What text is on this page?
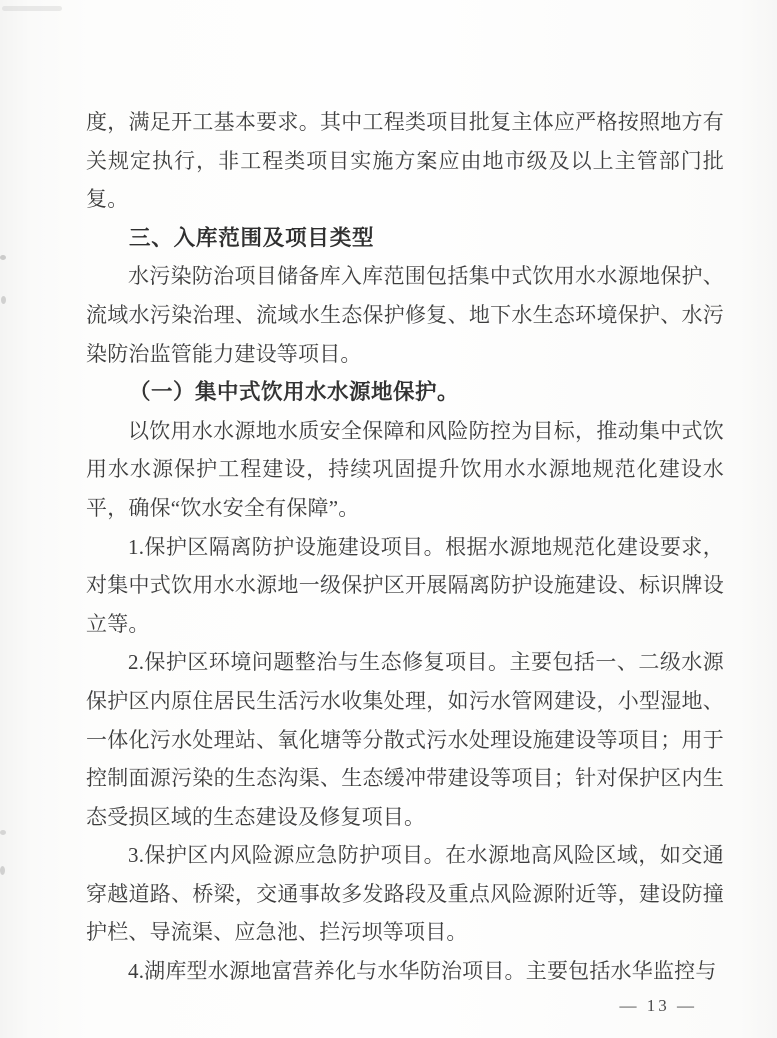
度，满足开工基本要求。其中工程类项目批复主体应严格按照地方有关规定执行，非工程类项目实施方案应由地市级及以上主管部门批复。

三、入库范围及项目类型

水污染防治项目储备库入库范围包括集中式饮用水水源地保护、流域水污染治理、流域水生态保护修复、地下水生态环境保护、水污染防治监管能力建设等项目。

（一）集中式饮用水水源地保护。

以饮用水水源地水质安全保障和风险防控为目标，推动集中式饮用水水源保护工程建设，持续巩固提升饮用水水源地规范化建设水平，确保“饮水安全有保障”。

1.保护区隔离防护设施建设项目。根据水源地规范化建设要求，对集中式饮用水水源地一级保护区开展隔离防护设施建设、标识牌设立等。

2.保护区环境问题整治与生态修复项目。主要包括一、二级水源保护区内原住居民生活污水收集处理，如污水管网建设，小型湿地、一体化污水处理站、氧化塘等分散式污水处理设施建设等项目；用于控制面源污染的生态沟渠、生态缓冲带建设等项目；针对保护区内生态受损区域的生态建设及修复项目。

3.保护区内风险源应急防护项目。在水源地高风险区域，如交通穿越道路、桥梁，交通事故多发路段及重点风险源附近等，建设防撞护栏、导流渠、应急池、拦污坝等项目。

4.湖库型水源地富营养化与水华防治项目。主要包括水华监控与

— 13 —
